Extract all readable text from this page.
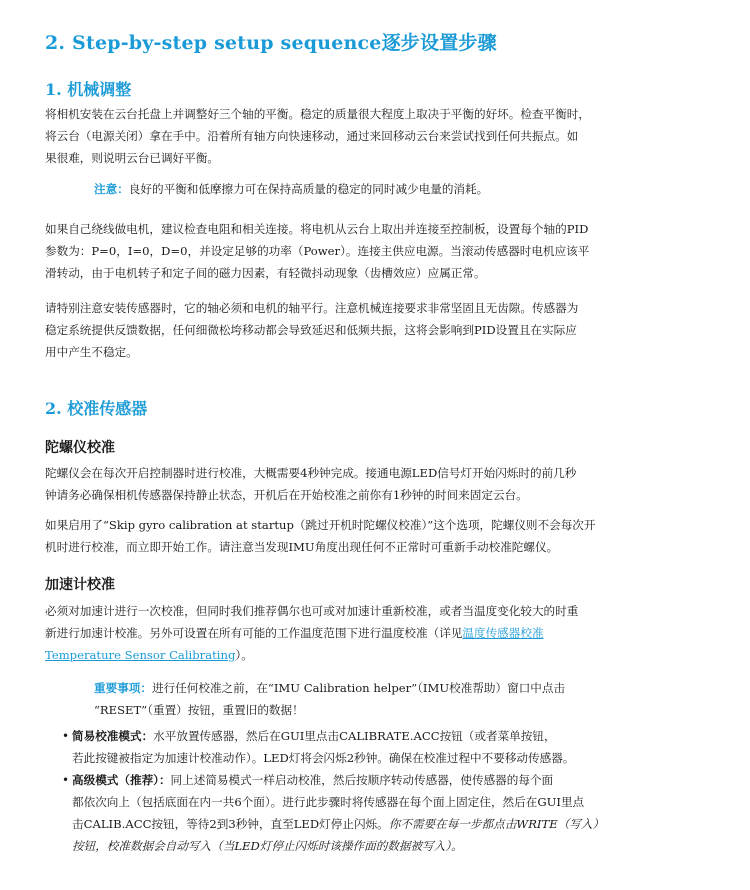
2. Step-by-step setup sequence逐步设置步骤
1. 机械调整
将相机安装在云台托盘上并调整好三个轴的平衡。稳定的质量很大程度上取决于平衡的好坏。检查平衡时，
将云台（电源关闭）拿在手中。沿着所有轴方向快速移动，通过来回移动云台来尝试找到任何共振点。如
果很难，则说明云台已调好平衡。
注意：良好的平衡和低摩擦力可在保持高质量的稳定的同时减少电量的消耗。
如果自己绕线做电机，建议检查电阻和相关连接。将电机从云台上取出并连接至控制板，设置每个轴的PID
参数为：P=0，I=0，D=0，并设定足够的功率（Power）。连接主供应电源。当滚动传感器时电机应该平
滑转动，由于电机转子和定子间的磁力因素，有轻微抖动现象（齿槽效应）应属正常。
请特别注意安装传感器时，它的轴必须和电机的轴平行。注意机械连接要求非常坚固且无齿隙。传感器为
稳定系统提供反馈数据，任何细微松垮移动都会导致延迟和低频共振，这将会影响到PID设置且在实际应
用中产生不稳定。
2. 校准传感器
陀螺仪校准
陀螺仪会在每次开启控制器时进行校准，大概需要4秒钟完成。接通电源LED信号灯开始闪烁时的前几秒
钟请务必确保相机传感器保持静止状态，开机后在开始校准之前你有1秒钟的时间来固定云台。
如果启用了“Skip gyro calibration at startup（跳过开机时陀螺仪校准）”这个选项，陀螺仪则不会每次开
机时进行校准，而立即开始工作。请注意当发现IMU角度出现任何不正常时可重新手动校准陀螺仪。
加速计校准
必须对加速计进行一次校准，但同时我们推荐偶尔也可或对加速计重新校准，或者当温度变化较大的时重
新进行加速计校准。另外可设置在所有可能的工作温度范围下进行温度校准（详见温度传感器校准
Temperature Sensor Calibrating）。
重要事项：进行任何校准之前，在“IMU Calibration helper”（IMU校准帮助）窗口中点击
“RESET”（重置）按钮，重置旧的数据！
• 简易校准模式：水平放置传感器，然后在GUI里点击CALIBRATE.ACC按钮（或者菜单按钮，
若此按键被指定为加速计校准动作）。LED灯将会闪烁2秒钟。确保在校准过程中不要移动传感器。
• 高级模式（推荐）：同上述简易模式一样启动校准，然后按顺序转动传感器，使传感器的每个面
都依次向上（包括底面在内一共6个面）。进行此步骤时将传感器在每个面上固定住，然后在GUI里点
击CALIB.ACC按钮，等待2到3秒钟，直至LED灯停止闪烁。你不需要在每一步都点击WRITE（写入）
按钮，校准数据会自动写入（当LED灯停止闪烁时该操作面的数据被写入）。
